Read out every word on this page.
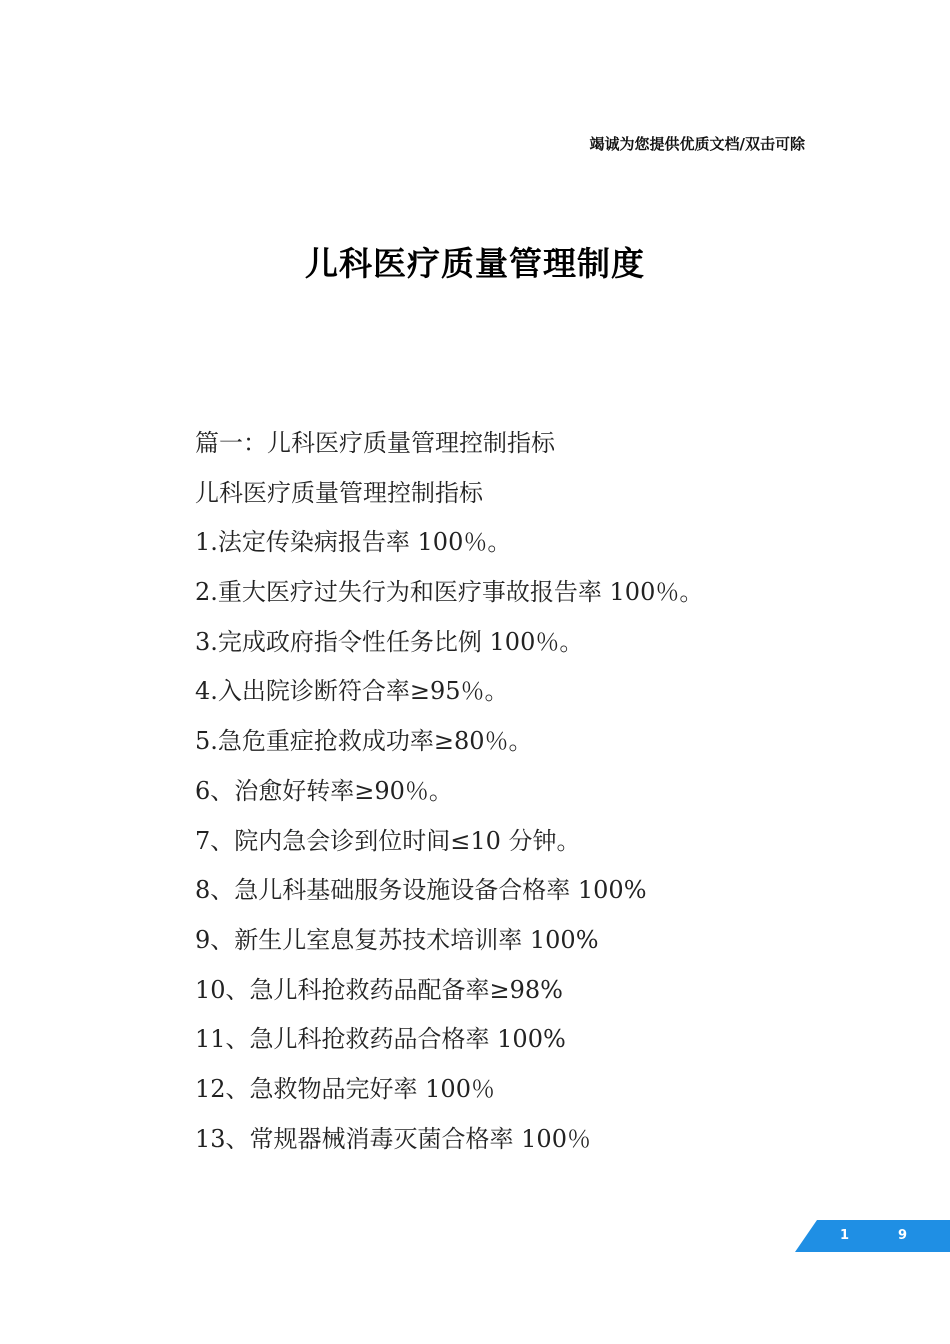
竭诚为您提供优质文档/双击可除
儿科医疗质量管理制度
篇一：儿科医疗质量管理控制指标
儿科医疗质量管理控制指标
1.法定传染病报告率 100％。
2.重大医疗过失行为和医疗事故报告率 100％。
3.完成政府指令性任务比例 100％。
4.入出院诊断符合率≥95％。
5.急危重症抢救成功率≥80％。
6、治愈好转率≥90％。
7、院内急会诊到位时间≤10 分钟。
8、急儿科基础服务设施设备合格率 100%
9、新生儿室息复苏技术培训率 100%
10、急儿科抢救药品配备率≥98%
11、急儿科抢救药品合格率 100%
12、急救物品完好率 100％
13、常规器械消毒灭菌合格率 100％
1	9
